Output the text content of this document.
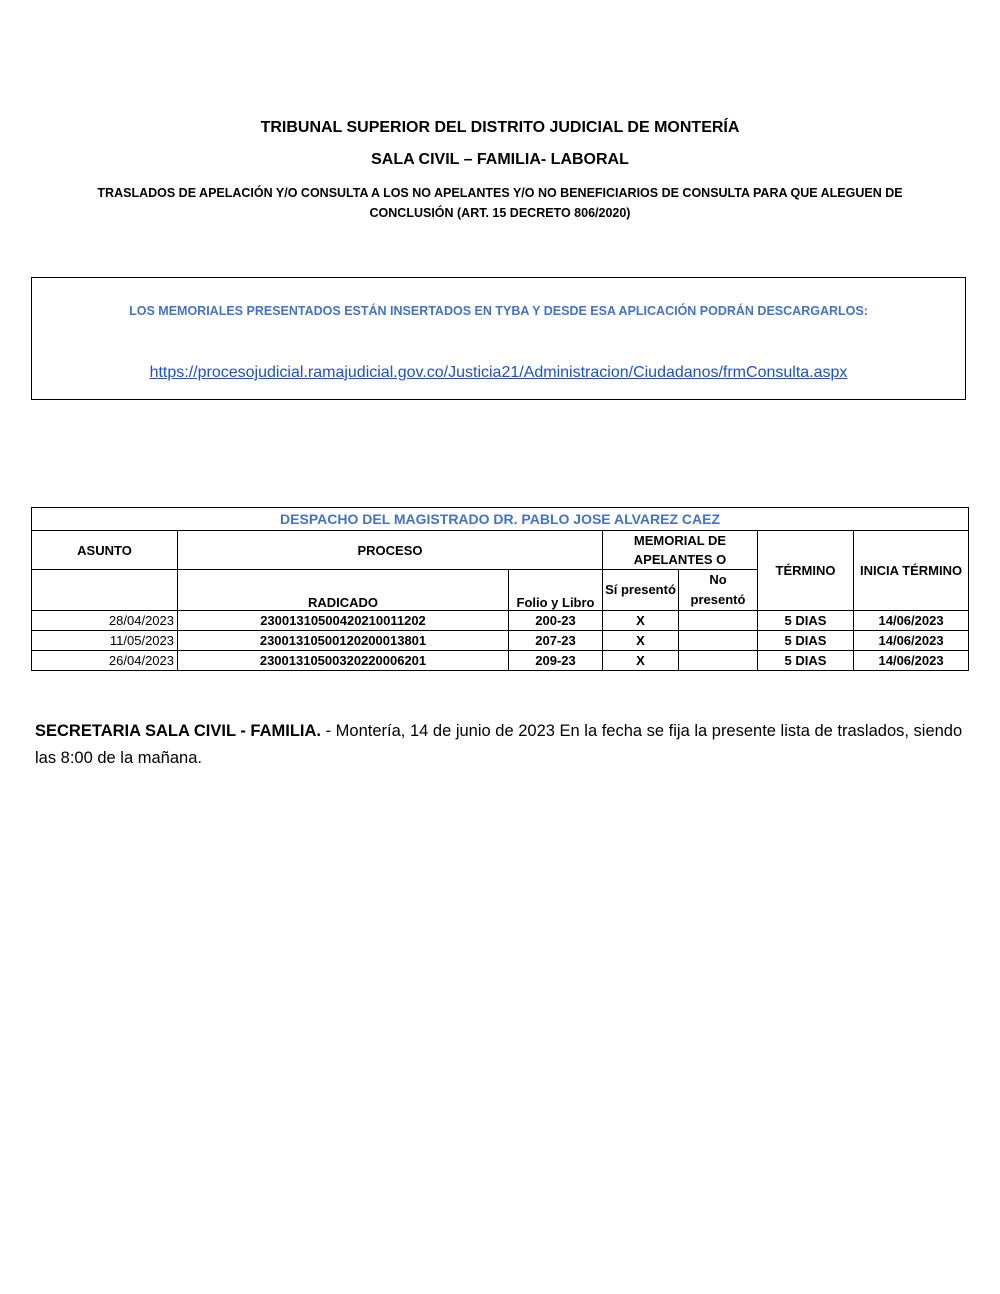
TRIBUNAL SUPERIOR DEL DISTRITO JUDICIAL DE MONTERÍA
SALA CIVIL – FAMILIA- LABORAL
TRASLADOS DE APELACIÓN Y/O CONSULTA A LOS NO APELANTES Y/O NO BENEFICIARIOS DE CONSULTA PARA QUE ALEGUEN DE CONCLUSIÓN (ART. 15 DECRETO 806/2020)
LOS MEMORIALES PRESENTADOS ESTÁN INSERTADOS EN TYBA Y DESDE ESA APLICACIÓN PODRÁN DESCARGARLOS:
https://procesojudicial.ramajudicial.gov.co/Justicia21/Administracion/Ciudadanos/frmConsulta.aspx
DESPACHO DEL MAGISTRADO DR. PABLO JOSE ALVAREZ CAEZ						
ASUNTO	PROCESO		MEMORIAL DE APELANTES O		TÉRMINO	INICIA TÉRMINO
	RADICADO	Folio y Libro	Sí presentó	No presentó		
28/04/2023	23001310500420210011202	200-23	X		5 DIAS	14/06/2023
11/05/2023	23001310500120200013801	207-23	X		5 DIAS	14/06/2023
26/04/2023	23001310500320220006201	209-23	X		5 DIAS	14/06/2023
SECRETARIA SALA CIVIL - FAMILIA. - Montería, 14 de junio de 2023 En la fecha se fija la presente lista de traslados, siendo las 8:00 de la mañana.
